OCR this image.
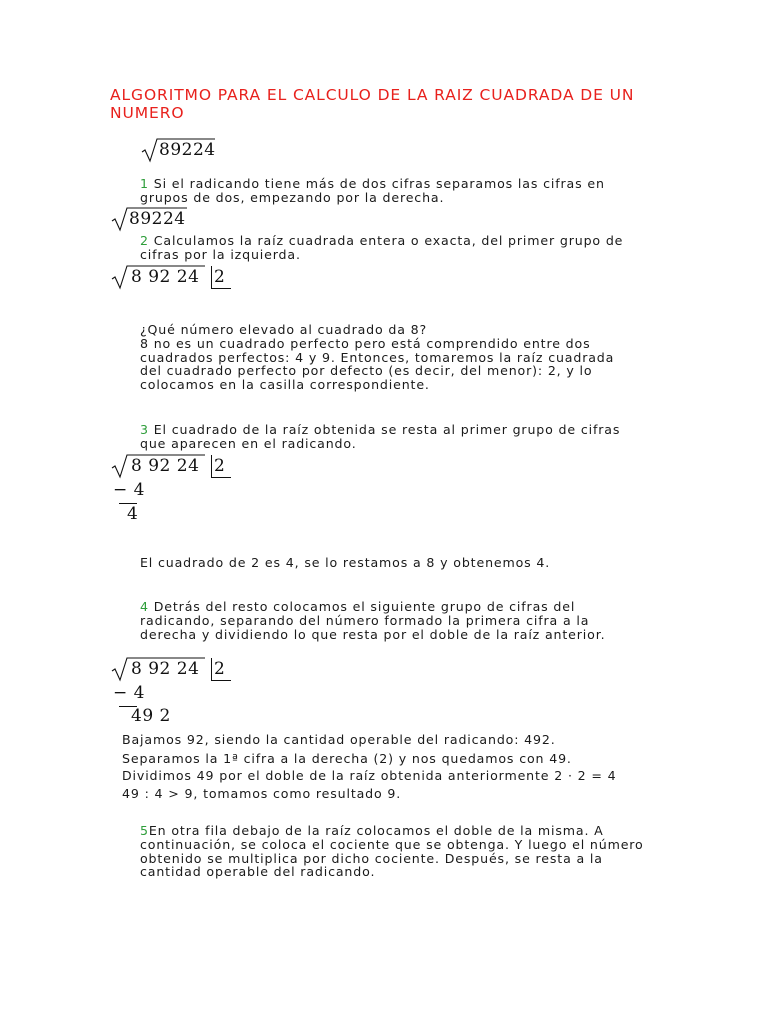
ALGORITMO PARA EL CALCULO DE LA RAIZ CUADRADA DE UN NUMERO
89224
1 Si el radicando tiene más de dos cifras separamos las cifras en grupos de dos, empezando por la derecha.
89224
2 Calculamos la raíz cuadrada entera o exacta, del primer grupo de cifras por la izquierda.
8 92 24 2
¿Qué número elevado al cuadrado da 8?
8 no es un cuadrado perfecto pero está comprendido entre dos cuadrados perfectos: 4 y 9. Entonces, tomaremos la raíz cuadrada del cuadrado perfecto por defecto (es decir, del menor): 2, y lo colocamos en la casilla correspondiente.
3 El cuadrado de la raíz obtenida se resta al primer grupo de cifras que aparecen en el radicando.
8 92 24 2
− 4
4
El cuadrado de 2 es 4, se lo restamos a 8 y obtenemos 4.
4 Detrás del resto colocamos el siguiente grupo de cifras del radicando, separando del número formado la primera cifra a la derecha y dividiendo lo que resta por el doble de la raíz anterior.
8 92 24 2
− 4
49 2
Bajamos 92, siendo la cantidad operable del radicando: 492.
Separamos la 1ª cifra a la derecha (2) y nos quedamos con 49.
Dividimos 49 por el doble de la raíz obtenida anteriormente 2 · 2 = 4
49 : 4 > 9, tomamos como resultado 9.
5En otra fila debajo de la raíz colocamos el doble de la misma. A continuación, se coloca el cociente que se obtenga. Y luego el número obtenido se multiplica por dicho cociente. Después, se resta a la cantidad operable del radicando.
